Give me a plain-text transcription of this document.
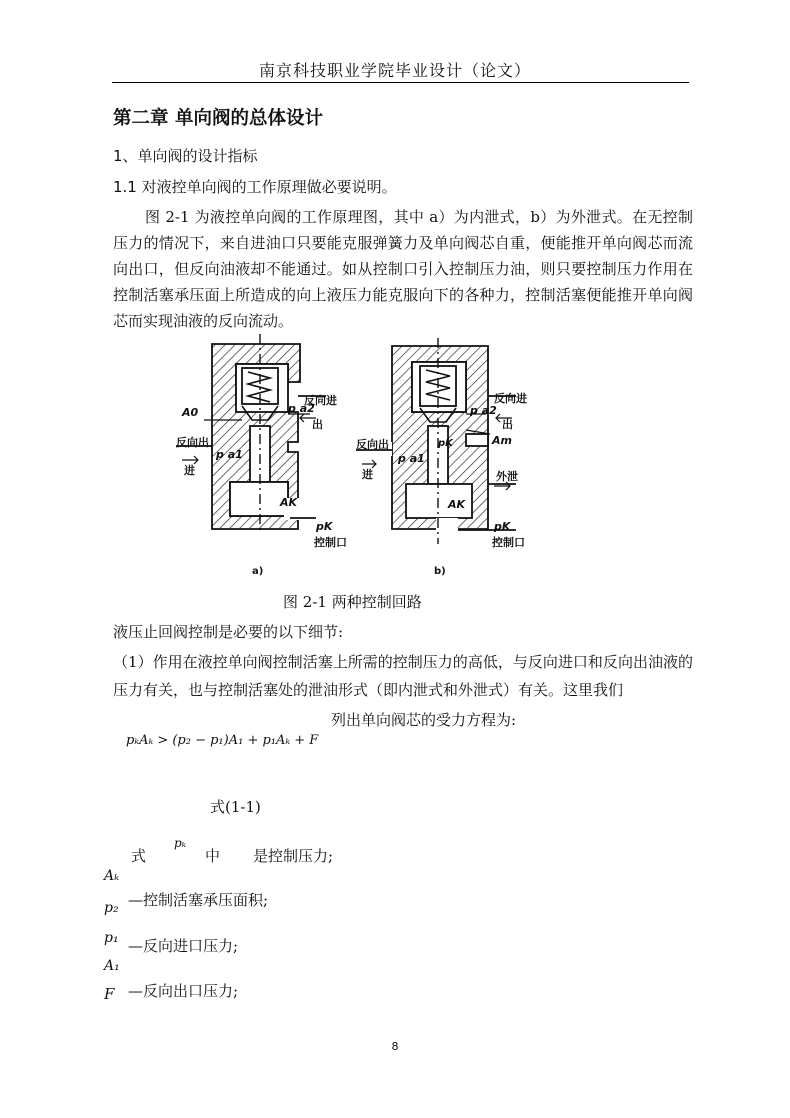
南京科技职业学院毕业设计（论文）
第二章 单向阀的总体设计
1、单向阀的设计指标
1.1 对液控单向阀的工作原理做必要说明。
图 2-1 为液控单向阀的工作原理图，其中 a）为内泄式，b）为外泄式。在无控制压力的情况下，来自进油口只要能克服弹簧力及单向阀芯自重，便能推开单向阀芯而流向出口，但反向油液却不能通过。如从控制口引入控制压力油，则只要控制压力作用在控制活塞承压面上所造成的向上液压力能克服向下的各种力，控制活塞便能推开单向阀芯而实现油液的反向流动。
反向进
出
p a2
A0
反向出
p a1
进
AK
pK
控制口
a)
反向进
出
p a2
Am
反向出
p a1
进
pK
外泄
AK
pK
控制口
b)
图 2-1 两种控制回路
液压止回阀控制是必要的以下细节:
（1）作用在液控单向阀控制活塞上所需的控制压力的高低，与反向进口和反向出油液的压力有关，也与控制活塞处的泄油形式（即内泄式和外泄式）有关。这里我们
列出单向阀芯的受力方程为:
pₖAₖ > (p₂ − p₁)A₁ + p₁Aₖ + F
式(1-1)
式
pₖ
中 是控制压力;
Aₖ
p₂ —控制活塞承压面积;
p₁ —反向进口压力;
A₁
F —反向出口压力;
8
